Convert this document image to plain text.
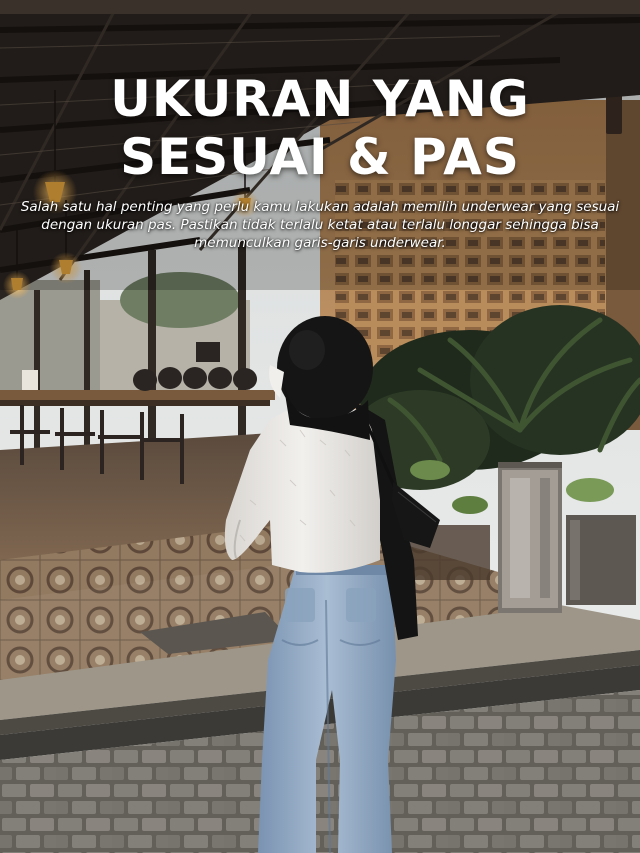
UKURAN YANG
SESUAI & PAS

Salah satu hal penting yang perlu kamu lakukan adalah memilih underwear yang sesuai dengan ukuran pas. Pastikan tidak terlalu ketat atau terlalu longgar sehingga bisa memunculkan garis-garis underwear.
